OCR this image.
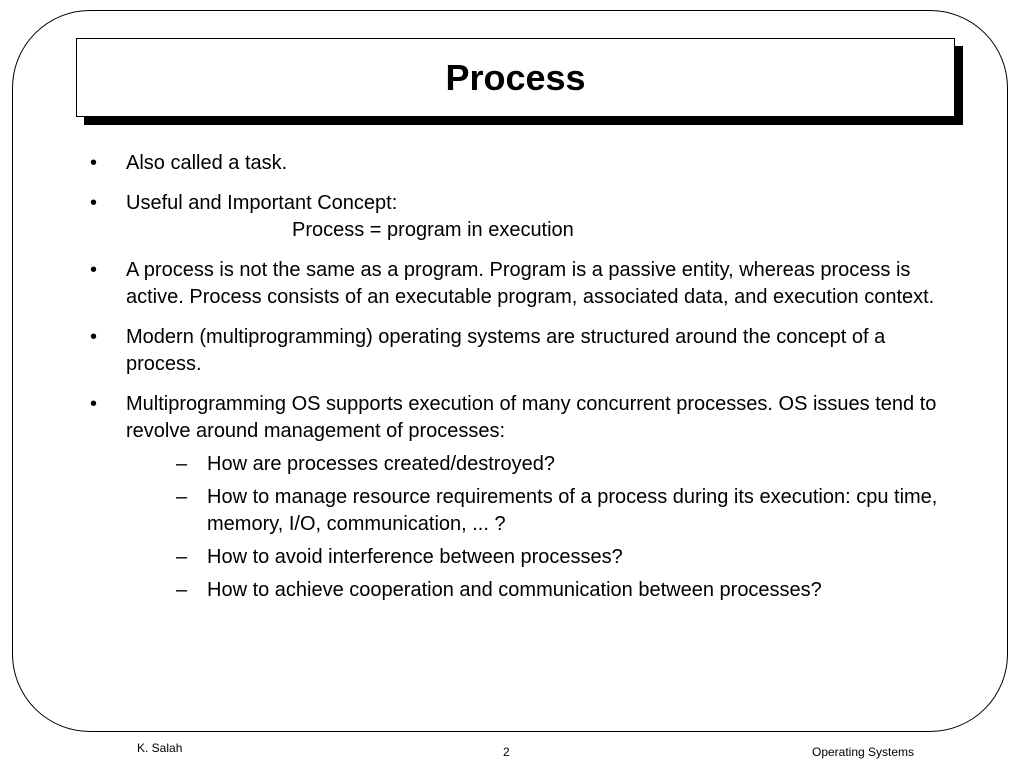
Process
•	Also called a task.
•	Useful and Important Concept:
Process = program in execution
•	A process is not the same as a program. Program is a passive entity, whereas process is active. Process consists of an executable program, associated data, and execution context.
•	Modern (multiprogramming) operating systems are structured around the concept of a process.
•	Multiprogramming OS supports execution of many concurrent processes. OS issues tend to revolve around management of processes:
– How are processes created/destroyed?
– How to manage resource requirements of a process during its execution: cpu time, memory, I/O, communication, ... ?
– How to avoid interference between processes?
– How to achieve cooperation and communication between processes?
K. Salah	2	Operating Systems
